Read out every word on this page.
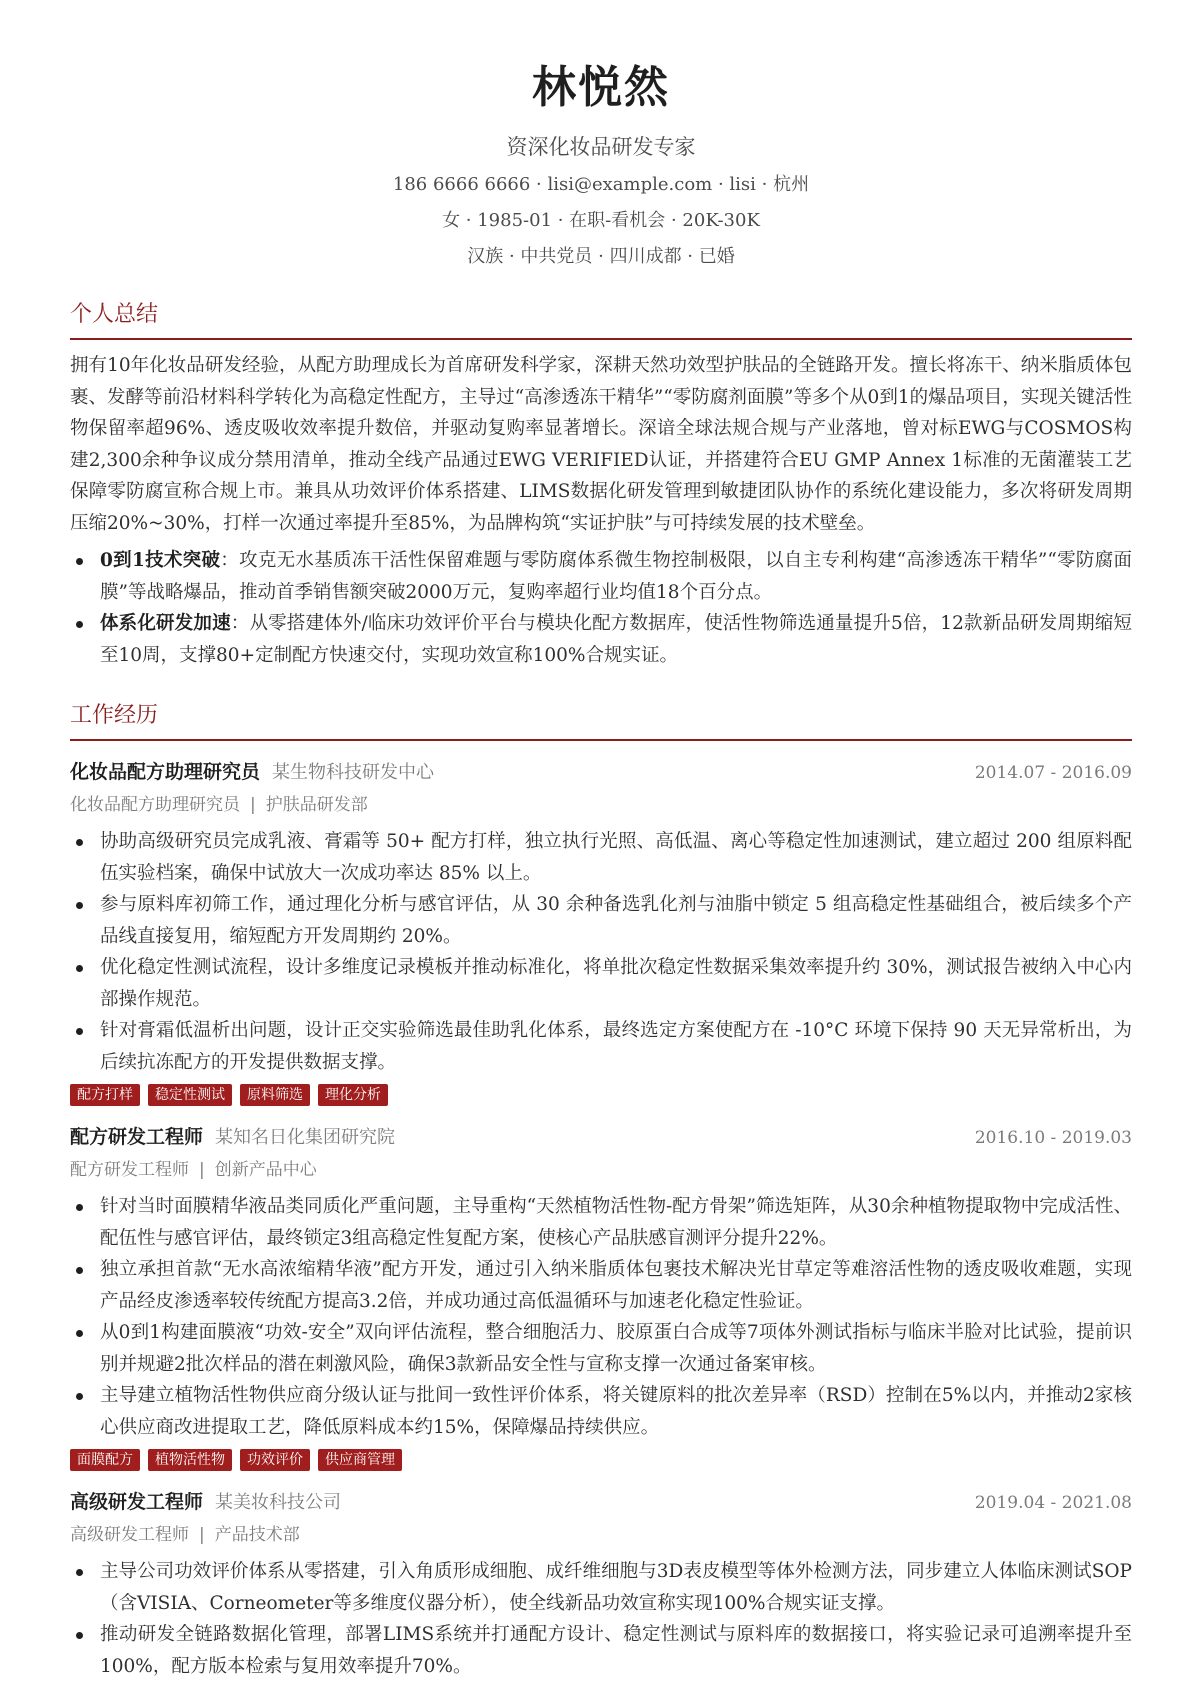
林悦然
资深化妆品研发专家
186 6666 6666 · lisi@example.com · lisi · 杭州
女 · 1985-01 · 在职-看机会 · 20K-30K
汉族 · 中共党员 · 四川成都 · 已婚
个人总结
拥有10年化妆品研发经验，从配方助理成长为首席研发科学家，深耕天然功效型护肤品的全链路开发。擅长将冻干、纳米脂质体包裹、发酵等前沿材料科学转化为高稳定性配方，主导过“高渗透冻干精华”“零防腐剂面膜”等多个从0到1的爆品项目，实现关键活性物保留率超96%、透皮吸收效率提升数倍，并驱动复购率显著增长。深谙全球法规合规与产业落地，曾对标EWG与COSMOS构建2,300余种争议成分禁用清单，推动全线产品通过EWG VERIFIED认证，并搭建符合EU GMP Annex 1标准的无菌灌装工艺保障零防腐宣称合规上市。兼具从功效评价体系搭建、LIMS数据化研发管理到敏捷团队协作的系统化建设能力，多次将研发周期压缩20%~30%，打样一次通过率提升至85%，为品牌构筑“实证护肤”与可持续发展的技术壁垒。
0到1技术突破：攻克无水基质冻干活性保留难题与零防腐体系微生物控制极限，以自主专利构建“高渗透冻干精华”“零防腐面膜”等战略爆品，推动首季销售额突破2000万元，复购率超行业均值18个百分点。
体系化研发加速：从零搭建体外/临床功效评价平台与模块化配方数据库，使活性物筛选通量提升5倍，12款新品研发周期缩短至10周，支撑80+定制配方快速交付，实现功效宣称100%合规实证。
工作经历
化妆品配方助理研究员 某生物科技研发中心	2014.07 - 2016.09
化妆品配方助理研究员 | 护肤品研发部
协助高级研究员完成乳液、膏霜等 50+ 配方打样，独立执行光照、高低温、离心等稳定性加速测试，建立超过 200 组原料配伍实验档案，确保中试放大一次成功率达 85% 以上。
参与原料库初筛工作，通过理化分析与感官评估，从 30 余种备选乳化剂与油脂中锁定 5 组高稳定性基础组合，被后续多个产品线直接复用，缩短配方开发周期约 20%。
优化稳定性测试流程，设计多维度记录模板并推动标准化，将单批次稳定性数据采集效率提升约 30%，测试报告被纳入中心内部操作规范。
针对膏霜低温析出问题，设计正交实验筛选最佳助乳化体系，最终选定方案使配方在 -10°C 环境下保持 90 天无异常析出，为后续抗冻配方的开发提供数据支撑。
配方打样	稳定性测试	原料筛选	理化分析
配方研发工程师 某知名日化集团研究院	2016.10 - 2019.03
配方研发工程师 | 创新产品中心
针对当时面膜精华液品类同质化严重问题，主导重构“天然植物活性物-配方骨架”筛选矩阵，从30余种植物提取物中完成活性、配伍性与感官评估，最终锁定3组高稳定性复配方案，使核心产品肤感盲测评分提升22%。
独立承担首款“无水高浓缩精华液”配方开发，通过引入纳米脂质体包裹技术解决光甘草定等难溶活性物的透皮吸收难题，实现产品经皮渗透率较传统配方提高3.2倍，并成功通过高低温循环与加速老化稳定性验证。
从0到1构建面膜液“功效-安全”双向评估流程，整合细胞活力、胶原蛋白合成等7项体外测试指标与临床半脸对比试验，提前识别并规避2批次样品的潜在刺激风险，确保3款新品安全性与宣称支撑一次通过备案审核。
主导建立植物活性物供应商分级认证与批间一致性评价体系，将关键原料的批次差异率（RSD）控制在5%以内，并推动2家核心供应商改进提取工艺，降低原料成本约15%，保障爆品持续供应。
面膜配方	植物活性物	功效评价	供应商管理
高级研发工程师 某美妆科技公司	2019.04 - 2021.08
高级研发工程师 | 产品技术部
主导公司功效评价体系从零搭建，引入角质形成细胞、成纤维细胞与3D表皮模型等体外检测方法，同步建立人体临床测试SOP（含VISIA、Corneometer等多维度仪器分析），使全线新品功效宣称实现100%合规实证支撑。
推动研发全链路数据化管理，部署LIMS系统并打通配方设计、稳定性测试与原料库的数据接口，将实验记录可追溯率提升至100%，配方版本检索与复用效率提升70%。
